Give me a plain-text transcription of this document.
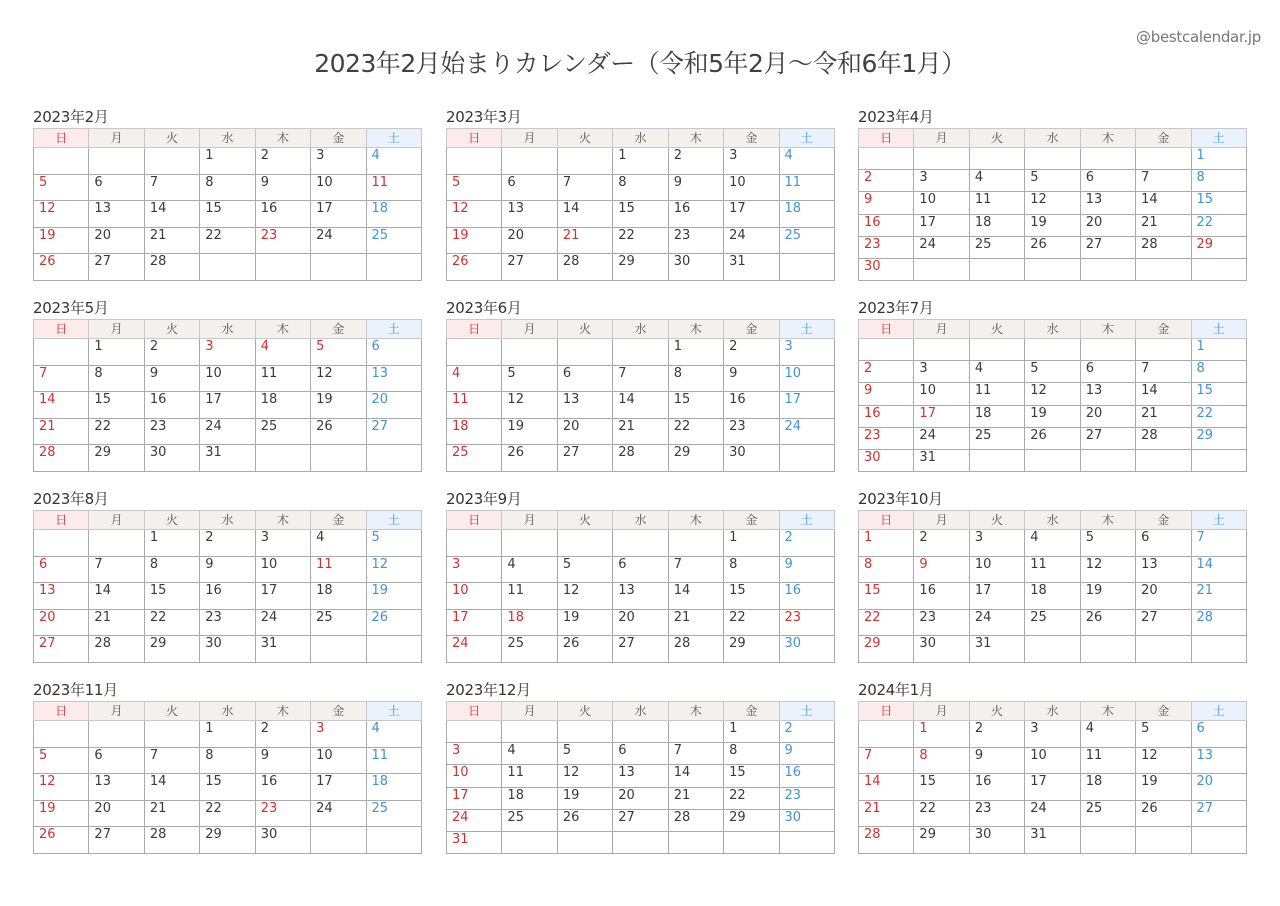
@bestcalendar.jp
2023年2月始まりカレンダー（令和5年2月～令和6年1月）
2023年2月
日	月	火	水	木	金	土
			1	2	3	4
5	6	7	8	9	10	11
12	13	14	15	16	17	18
19	20	21	22	23	24	25
26	27	28				
2023年3月
日	月	火	水	木	金	土
			1	2	3	4
5	6	7	8	9	10	11
12	13	14	15	16	17	18
19	20	21	22	23	24	25
26	27	28	29	30	31	
2023年4月
日	月	火	水	木	金	土
						1
2	3	4	5	6	7	8
9	10	11	12	13	14	15
16	17	18	19	20	21	22
23	24	25	26	27	28	29
30						
2023年5月
日	月	火	水	木	金	土
	1	2	3	4	5	6
7	8	9	10	11	12	13
14	15	16	17	18	19	20
21	22	23	24	25	26	27
28	29	30	31			
2023年6月
日	月	火	水	木	金	土
				1	2	3
4	5	6	7	8	9	10
11	12	13	14	15	16	17
18	19	20	21	22	23	24
25	26	27	28	29	30	
2023年7月
日	月	火	水	木	金	土
						1
2	3	4	5	6	7	8
9	10	11	12	13	14	15
16	17	18	19	20	21	22
23	24	25	26	27	28	29
30	31					
2023年8月
日	月	火	水	木	金	土
		1	2	3	4	5
6	7	8	9	10	11	12
13	14	15	16	17	18	19
20	21	22	23	24	25	26
27	28	29	30	31		
2023年9月
日	月	火	水	木	金	土
					1	2
3	4	5	6	7	8	9
10	11	12	13	14	15	16
17	18	19	20	21	22	23
24	25	26	27	28	29	30
2023年10月
日	月	火	水	木	金	土
1	2	3	4	5	6	7
8	9	10	11	12	13	14
15	16	17	18	19	20	21
22	23	24	25	26	27	28
29	30	31				
2023年11月
日	月	火	水	木	金	土
			1	2	3	4
5	6	7	8	9	10	11
12	13	14	15	16	17	18
19	20	21	22	23	24	25
26	27	28	29	30		
2023年12月
日	月	火	水	木	金	土
					1	2
3	4	5	6	7	8	9
10	11	12	13	14	15	16
17	18	19	20	21	22	23
24	25	26	27	28	29	30
31						
2024年1月
日	月	火	水	木	金	土
	1	2	3	4	5	6
7	8	9	10	11	12	13
14	15	16	17	18	19	20
21	22	23	24	25	26	27
28	29	30	31			
